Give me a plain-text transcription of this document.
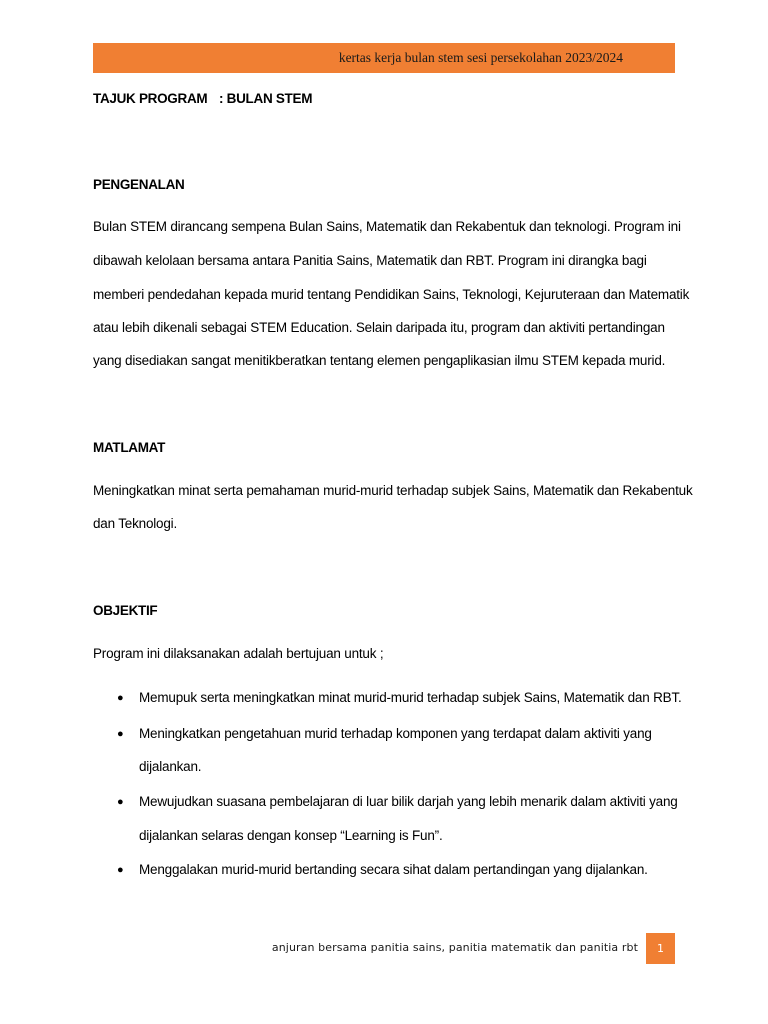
kertas kerja bulan stem sesi persekolahan 2023/2024
TAJUK PROGRAM : BULAN STEM
PENGENALAN
Bulan STEM dirancang sempena Bulan Sains, Matematik dan Rekabentuk dan teknologi. Program ini
dibawah kelolaan bersama antara Panitia Sains, Matematik dan RBT. Program ini dirangka bagi
memberi pendedahan kepada murid tentang Pendidikan Sains, Teknologi, Kejuruteraan dan Matematik
atau lebih dikenali sebagai STEM Education. Selain daripada itu, program dan aktiviti pertandingan
yang disediakan sangat menitikberatkan tentang elemen pengaplikasian ilmu STEM kepada murid.
MATLAMAT
Meningkatkan minat serta pemahaman murid-murid terhadap subjek Sains, Matematik dan Rekabentuk
dan Teknologi.
OBJEKTIF
Program ini dilaksanakan adalah bertujuan untuk ;
● Memupuk serta meningkatkan minat murid-murid terhadap subjek Sains, Matematik dan RBT.
● Meningkatkan pengetahuan murid terhadap komponen yang terdapat dalam aktiviti yang
dijalankan.
● Mewujudkan suasana pembelajaran di luar bilik darjah yang lebih menarik dalam aktiviti yang
dijalankan selaras dengan konsep “Learning is Fun”.
● Menggalakan murid-murid bertanding secara sihat dalam pertandingan yang dijalankan.
anjuran bersama panitia sains, panitia matematik dan panitia rbt	1
